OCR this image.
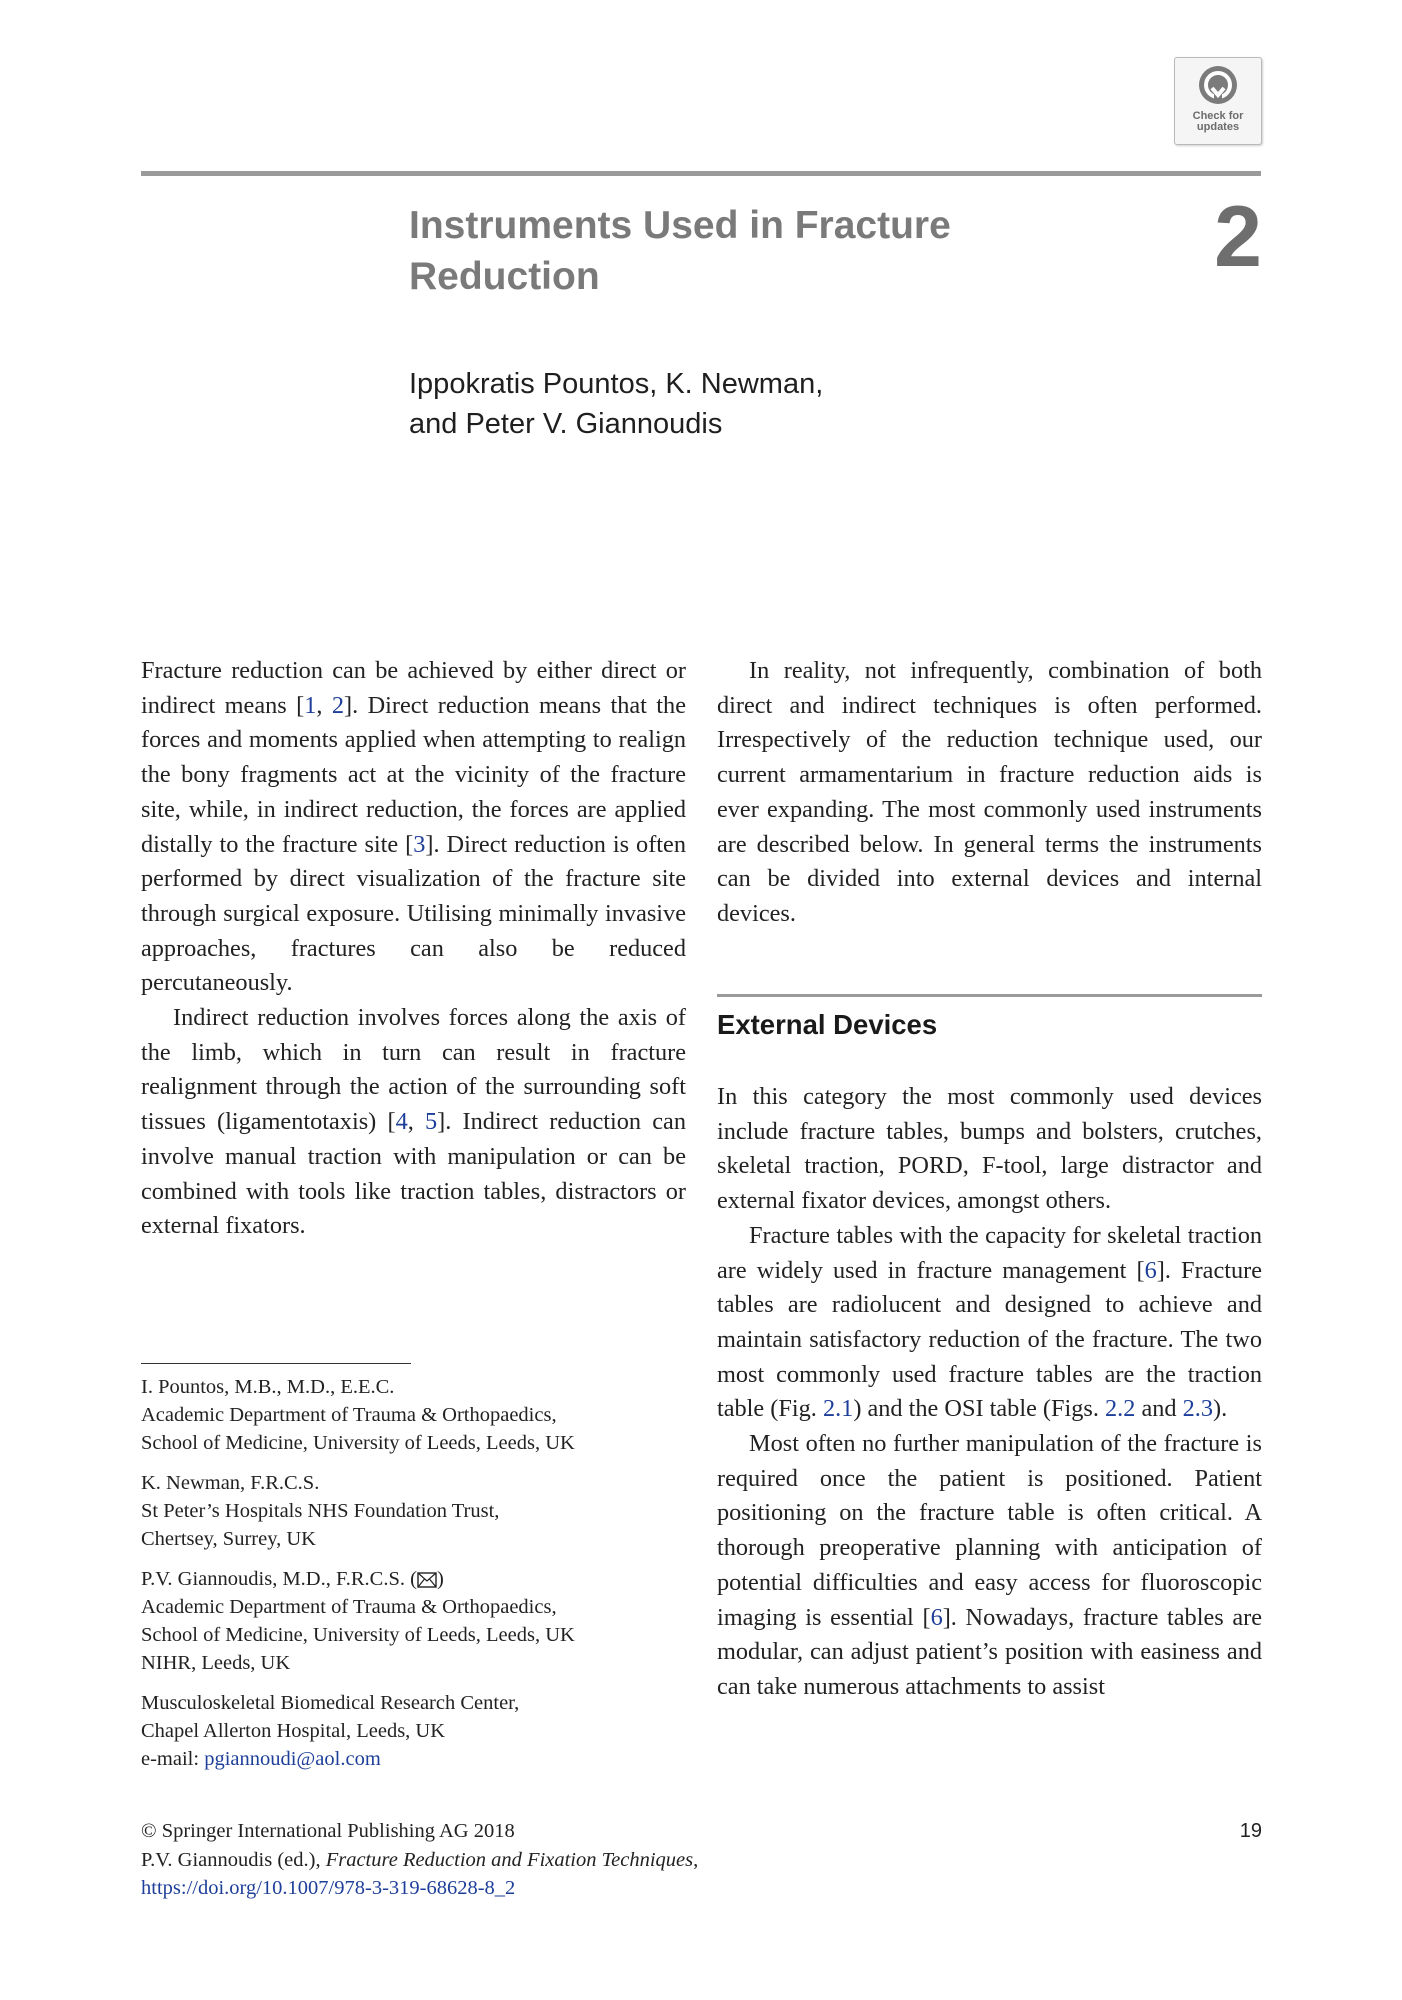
Check for
updates
Instruments Used in Fracture
Reduction	2
Ippokratis Pountos, K. Newman,
and Peter V. Giannoudis

Fracture reduction can be achieved by either direct or indirect means [1, 2]. Direct reduction means that the forces and moments applied when attempting to realign the bony fragments act at the vicinity of the fracture site, while, in indirect reduction, the forces are applied distally to the fracture site [3]. Direct reduction is often performed by direct visualization of the fracture site through surgical exposure. Utilising minimally invasive approaches, fractures can also be reduced percutaneously.

Indirect reduction involves forces along the axis of the limb, which in turn can result in fracture realignment through the action of the surrounding soft tissues (ligamentotaxis) [4, 5]. Indirect reduction can involve manual traction with manipulation or can be combined with tools like traction tables, distractors or external fixators.

In reality, not infrequently, combination of both direct and indirect techniques is often performed. Irrespectively of the reduction technique used, our current armamentarium in fracture reduction aids is ever expanding. The most commonly used instruments are described below. In general terms the instruments can be divided into external devices and internal devices.

External Devices

In this category the most commonly used devices include fracture tables, bumps and bolsters, crutches, skeletal traction, PORD, F-tool, large distractor and external fixator devices, amongst others.

Fracture tables with the capacity for skeletal traction are widely used in fracture management [6]. Fracture tables are radiolucent and designed to achieve and maintain satisfactory reduction of the fracture. The two most commonly used fracture tables are the traction table (Fig. 2.1) and the OSI table (Figs. 2.2 and 2.3).

Most often no further manipulation of the fracture is required once the patient is positioned. Patient positioning on the fracture table is often critical. A thorough preoperative planning with anticipation of potential difficulties and easy access for fluoroscopic imaging is essential [6]. Nowadays, fracture tables are modular, can adjust patient’s position with easiness and can take numerous attachments to assist

I. Pountos, M.B., M.D., E.E.C.
Academic Department of Trauma & Orthopaedics,
School of Medicine, University of Leeds, Leeds, UK
K. Newman, F.R.C.S.
St Peter’s Hospitals NHS Foundation Trust,
Chertsey, Surrey, UK
P.V. Giannoudis, M.D., F.R.C.S. ( )
Academic Department of Trauma & Orthopaedics,
School of Medicine, University of Leeds, Leeds, UK
NIHR, Leeds, UK
Musculoskeletal Biomedical Research Center,
Chapel Allerton Hospital, Leeds, UK
e-mail: pgiannoudi@aol.com
© Springer International Publishing AG 2018
P.V. Giannoudis (ed.), Fracture Reduction and Fixation Techniques,
https://doi.org/10.1007/978-3-319-68628-8_2
19
